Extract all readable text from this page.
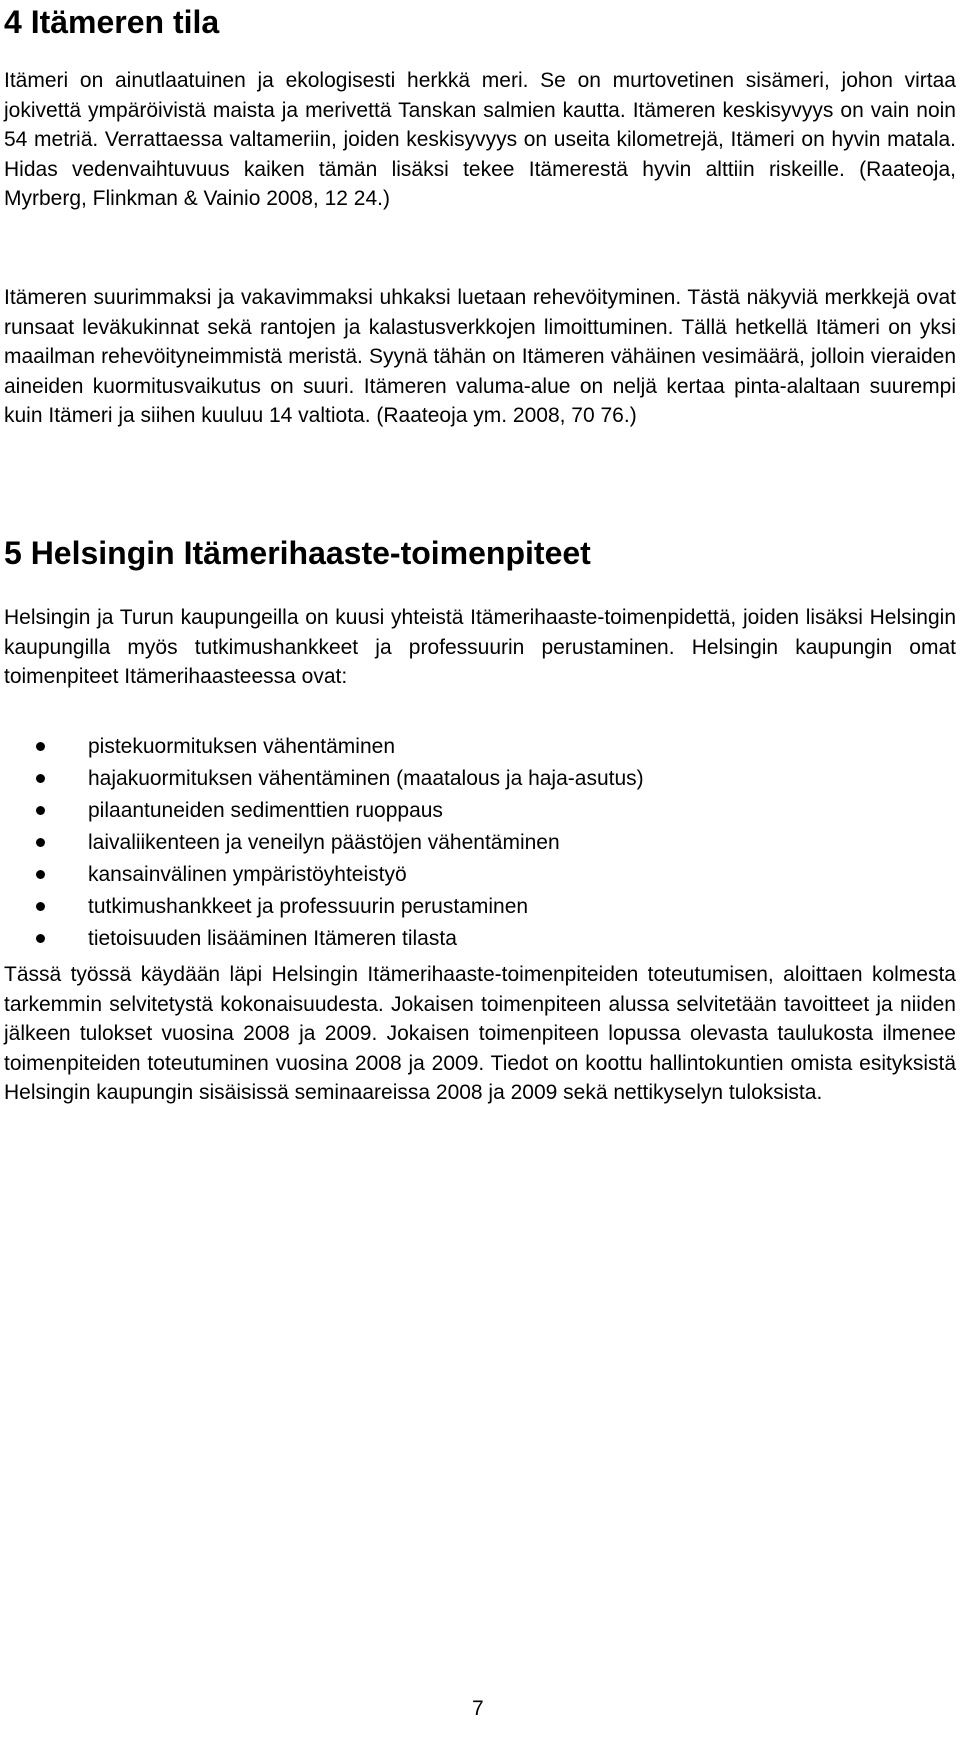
4 Itämeren tila

Itämeri on ainutlaatuinen ja ekologisesti herkkä meri. Se on murtovetinen sisämeri, johon virtaa jokivettä ympäröivistä maista ja merivettä Tanskan salmien kautta. Itämeren keskisyvyys on vain noin 54 metriä. Verrattaessa valtameriin, joiden keskisyvyys on useita kilometrejä, Itämeri on hyvin matala. Hidas vedenvaihtuvuus kaiken tämän lisäksi tekee Itämerestä hyvin alttiin riskeille. (Raateoja, Myrberg, Flinkman & Vainio 2008, 12 24.)

Itämeren suurimmaksi ja vakavimmaksi uhkaksi luetaan rehevöityminen. Tästä näkyviä merkkejä ovat runsaat leväkukinnat sekä rantojen ja kalastusverkkojen limoittuminen. Tällä hetkellä Itämeri on yksi maailman rehevöityneimmistä meristä. Syynä tähän on Itämeren vähäinen vesimäärä, jolloin vieraiden aineiden kuormitusvaikutus on suuri. Itämeren valuma-alue on neljä kertaa pinta-alaltaan suurempi kuin Itämeri ja siihen kuuluu 14 valtiota. (Raateoja ym. 2008, 70 76.)

5 Helsingin Itämerihaaste-toimenpiteet

Helsingin ja Turun kaupungeilla on kuusi yhteistä Itämerihaaste-toimenpidettä, joiden lisäksi Helsingin kaupungilla myös tutkimushankkeet ja professuurin perustaminen. Helsingin kaupungin omat toimenpiteet Itämerihaasteessa ovat:

pistekuormituksen vähentäminen
hajakuormituksen vähentäminen (maatalous ja haja-asutus)
pilaantuneiden sedimenttien ruoppaus
laivaliikenteen ja veneilyn päästöjen vähentäminen
kansainvälinen ympäristöyhteistyö
tutkimushankkeet ja professuurin perustaminen
tietoisuuden lisääminen Itämeren tilasta

Tässä työssä käydään läpi Helsingin Itämerihaaste-toimenpiteiden toteutumisen, aloittaen kolmesta tarkemmin selvitetystä kokonaisuudesta. Jokaisen toimenpiteen alussa selvitetään tavoitteet ja niiden jälkeen tulokset vuosina 2008 ja 2009. Jokaisen toimenpiteen lopussa olevasta taulukosta ilmenee toimenpiteiden toteutuminen vuosina 2008 ja 2009. Tiedot on koottu hallintokuntien omista esityksistä Helsingin kaupungin sisäisissä seminaareissa 2008 ja 2009 sekä nettikyselyn tuloksista.

7
